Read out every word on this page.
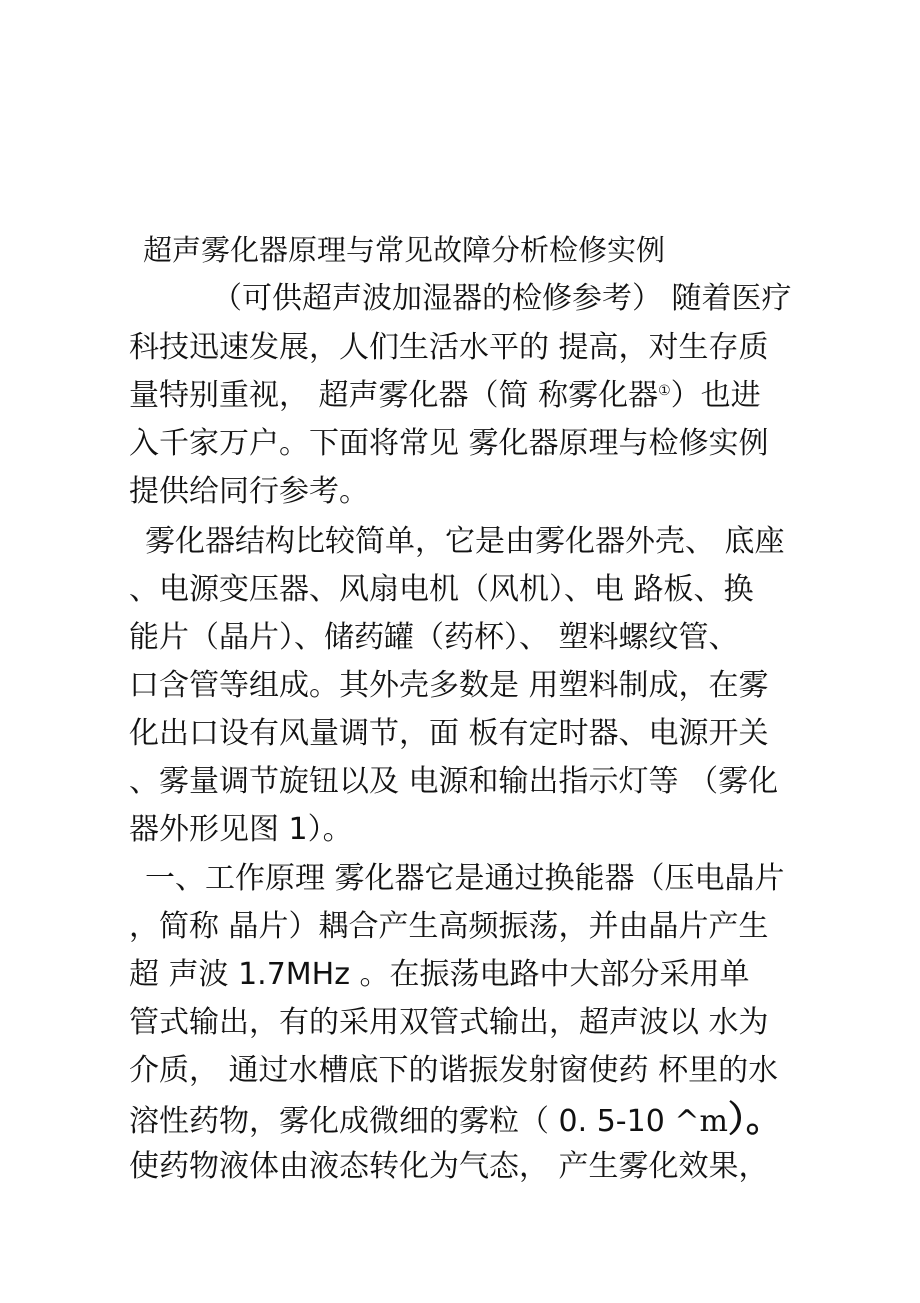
超声雾化器原理与常见故障分析检修实例
（可供超声波加湿器的检修参考） 随着医疗
科技迅速发展，人们生活水平的 提高，对生存质
量特别重视， 超声雾化器（简 称雾化器①）也进
入千家万户。下面将常见 雾化器原理与检修实例
提供给同行参考。
雾化器结构比较简单，它是由雾化器外壳、 底座
、电源变压器、风扇电机（风机）、电 路板、换
能片（晶片）、储药罐（药杯）、 塑料螺纹管、
口含管等组成。其外壳多数是 用塑料制成，在雾
化出口设有风量调节，面 板有定时器、电源开关
、雾量调节旋钮以及 电源和输出指示灯等 （雾化
器外形见图 1）。
一、工作原理 雾化器它是通过换能器（压电晶片
，简称 晶片）耦合产生高频振荡，并由晶片产生
超 声波 1.7MHz 。在振荡电路中大部分采用单
管式输出，有的采用双管式输出，超声波以 水为
介质， 通过水槽底下的谐振发射窗使药 杯里的水
溶性药物，雾化成微细的雾粒（ 0. 5-10 ^m）。
使药物液体由液态转化为气态， 产生雾化效果，
